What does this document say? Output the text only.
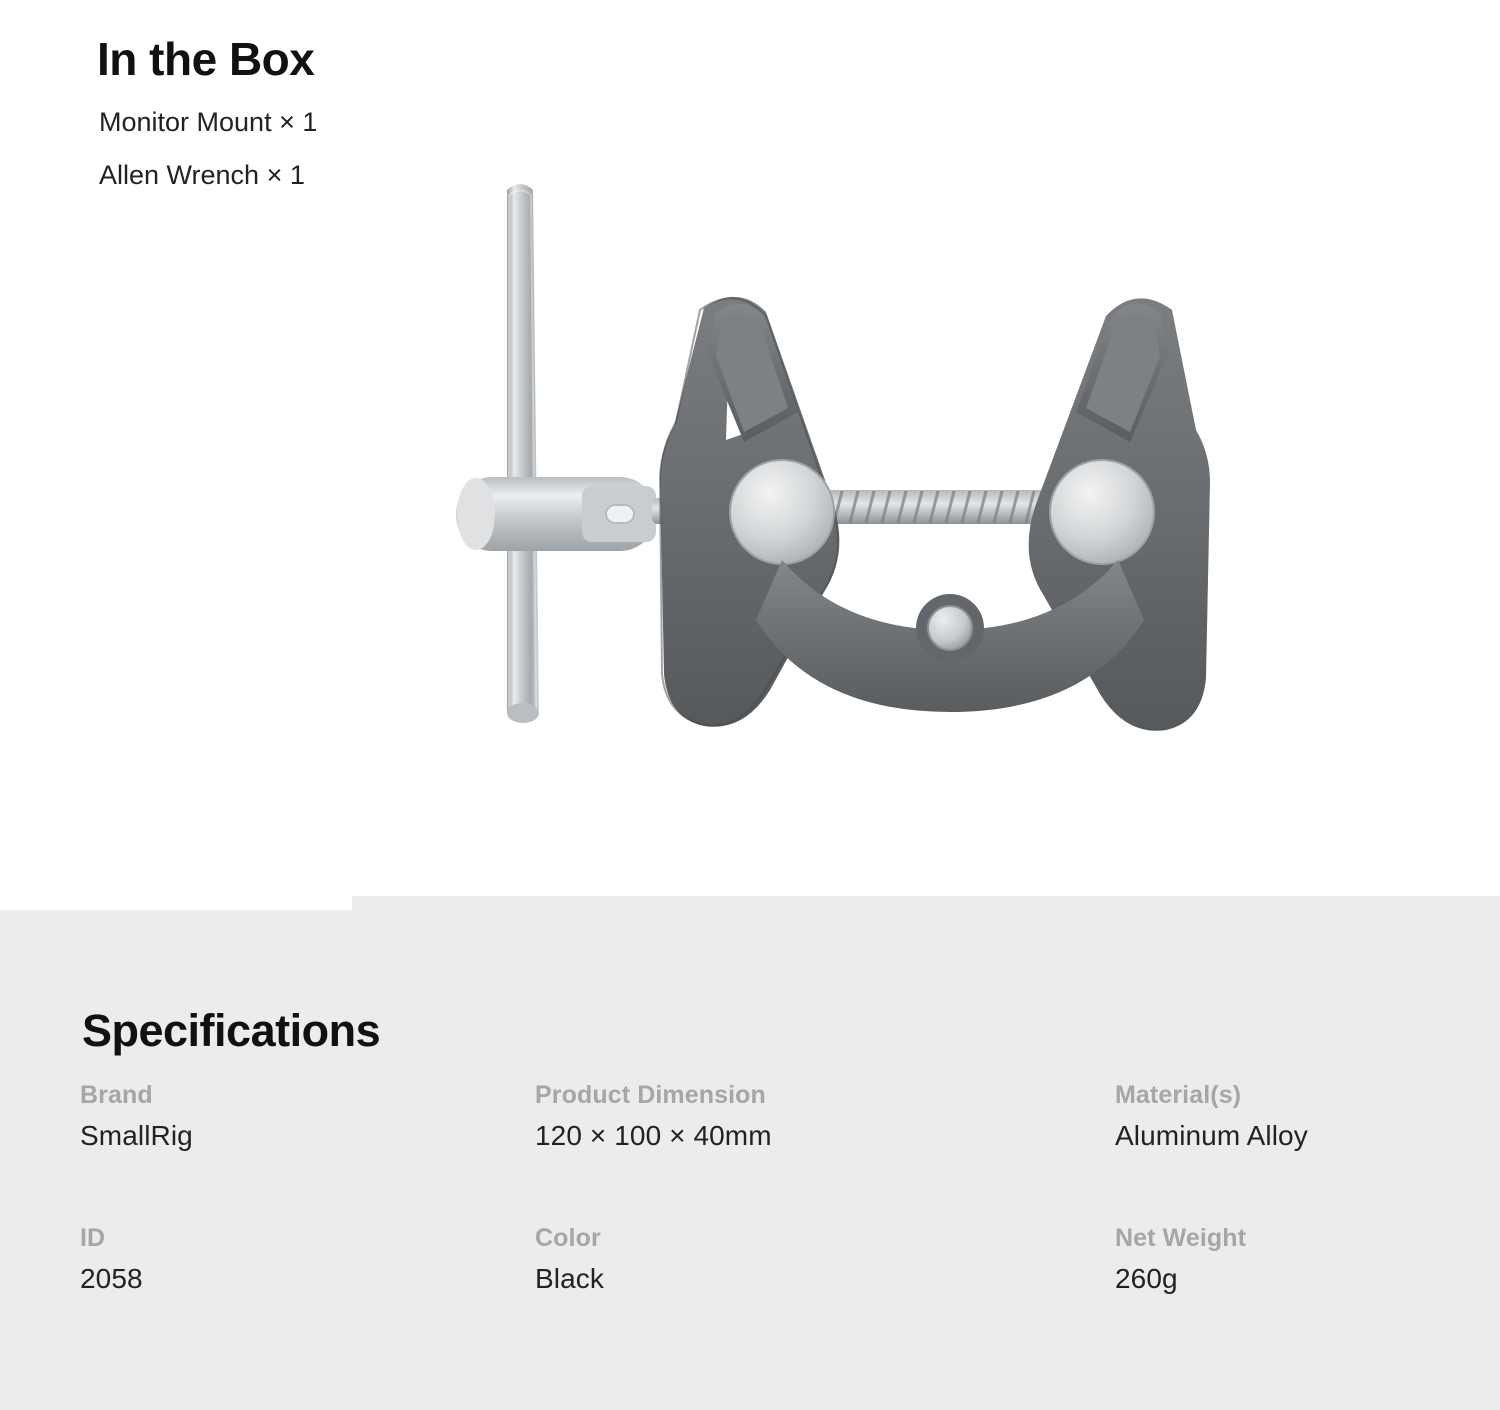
In the Box
Monitor Mount × 1
Allen Wrench × 1
Specifications
Brand
SmallRig
Product Dimension
120 × 100 × 40mm
Material(s)
Aluminum Alloy
ID
2058
Color
Black
Net Weight
260g
